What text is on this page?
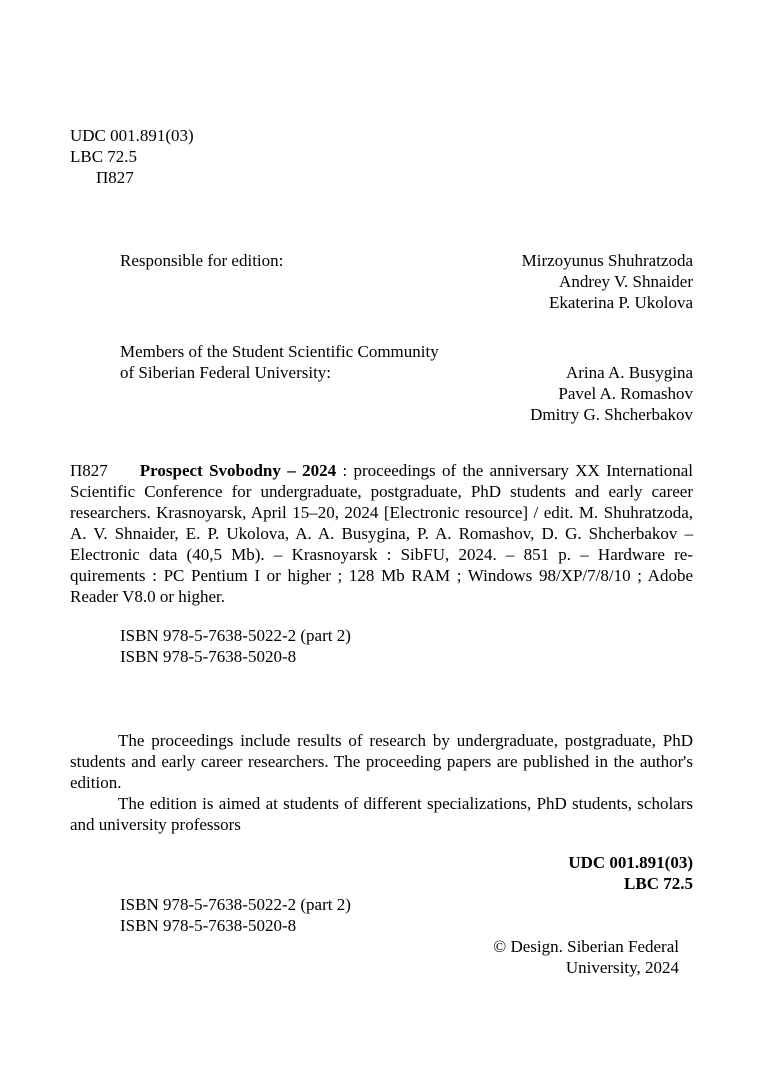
UDC 001.891(03)
LBC 72.5
П827
Responsible for edition:	Mirzoyunus Shuhratzoda
Andrey V. Shnaider
Ekaterina P. Ukolova
Members of the Student Scientific Community
of Siberian Federal University:	Arina A. Busygina
Pavel A. Romashov
Dmitry G. Shcherbakov
П827 Prospect Svobodny – 2024 : proceedings of the anniversary XX International Scientific Conference for undergraduate, postgraduate, PhD students and early career researchers. Krasnoyarsk, April 15–20, 2024 [Electronic resource] / edit. M. Shuhratzoda, A. V. Shnaider, E. P. Ukolova, A. A. Busygina, P. A. Romashov, D. G. Shcherbakov – Electronic data (40,5 Mb). – Krasnoyarsk : SibFU, 2024. – 851 p. – Hardware re-quirements : PC Pentium I or higher ; 128 Mb RAM ; Windows 98/XP/7/8/10 ; Adobe Reader V8.0 or higher.
ISBN 978-5-7638-5022-2 (part 2)
ISBN 978-5-7638-5020-8

The proceedings include results of research by undergraduate, postgraduate, PhD students and early career researchers. The proceeding papers are published in the author's edition.

The edition is aimed at students of different specializations, PhD students, scholars and university professors

UDC 001.891(03)
LBC 72.5
ISBN 978-5-7638-5022-2 (part 2)
ISBN 978-5-7638-5020-8
© Design. Siberian Federal
University, 2024
